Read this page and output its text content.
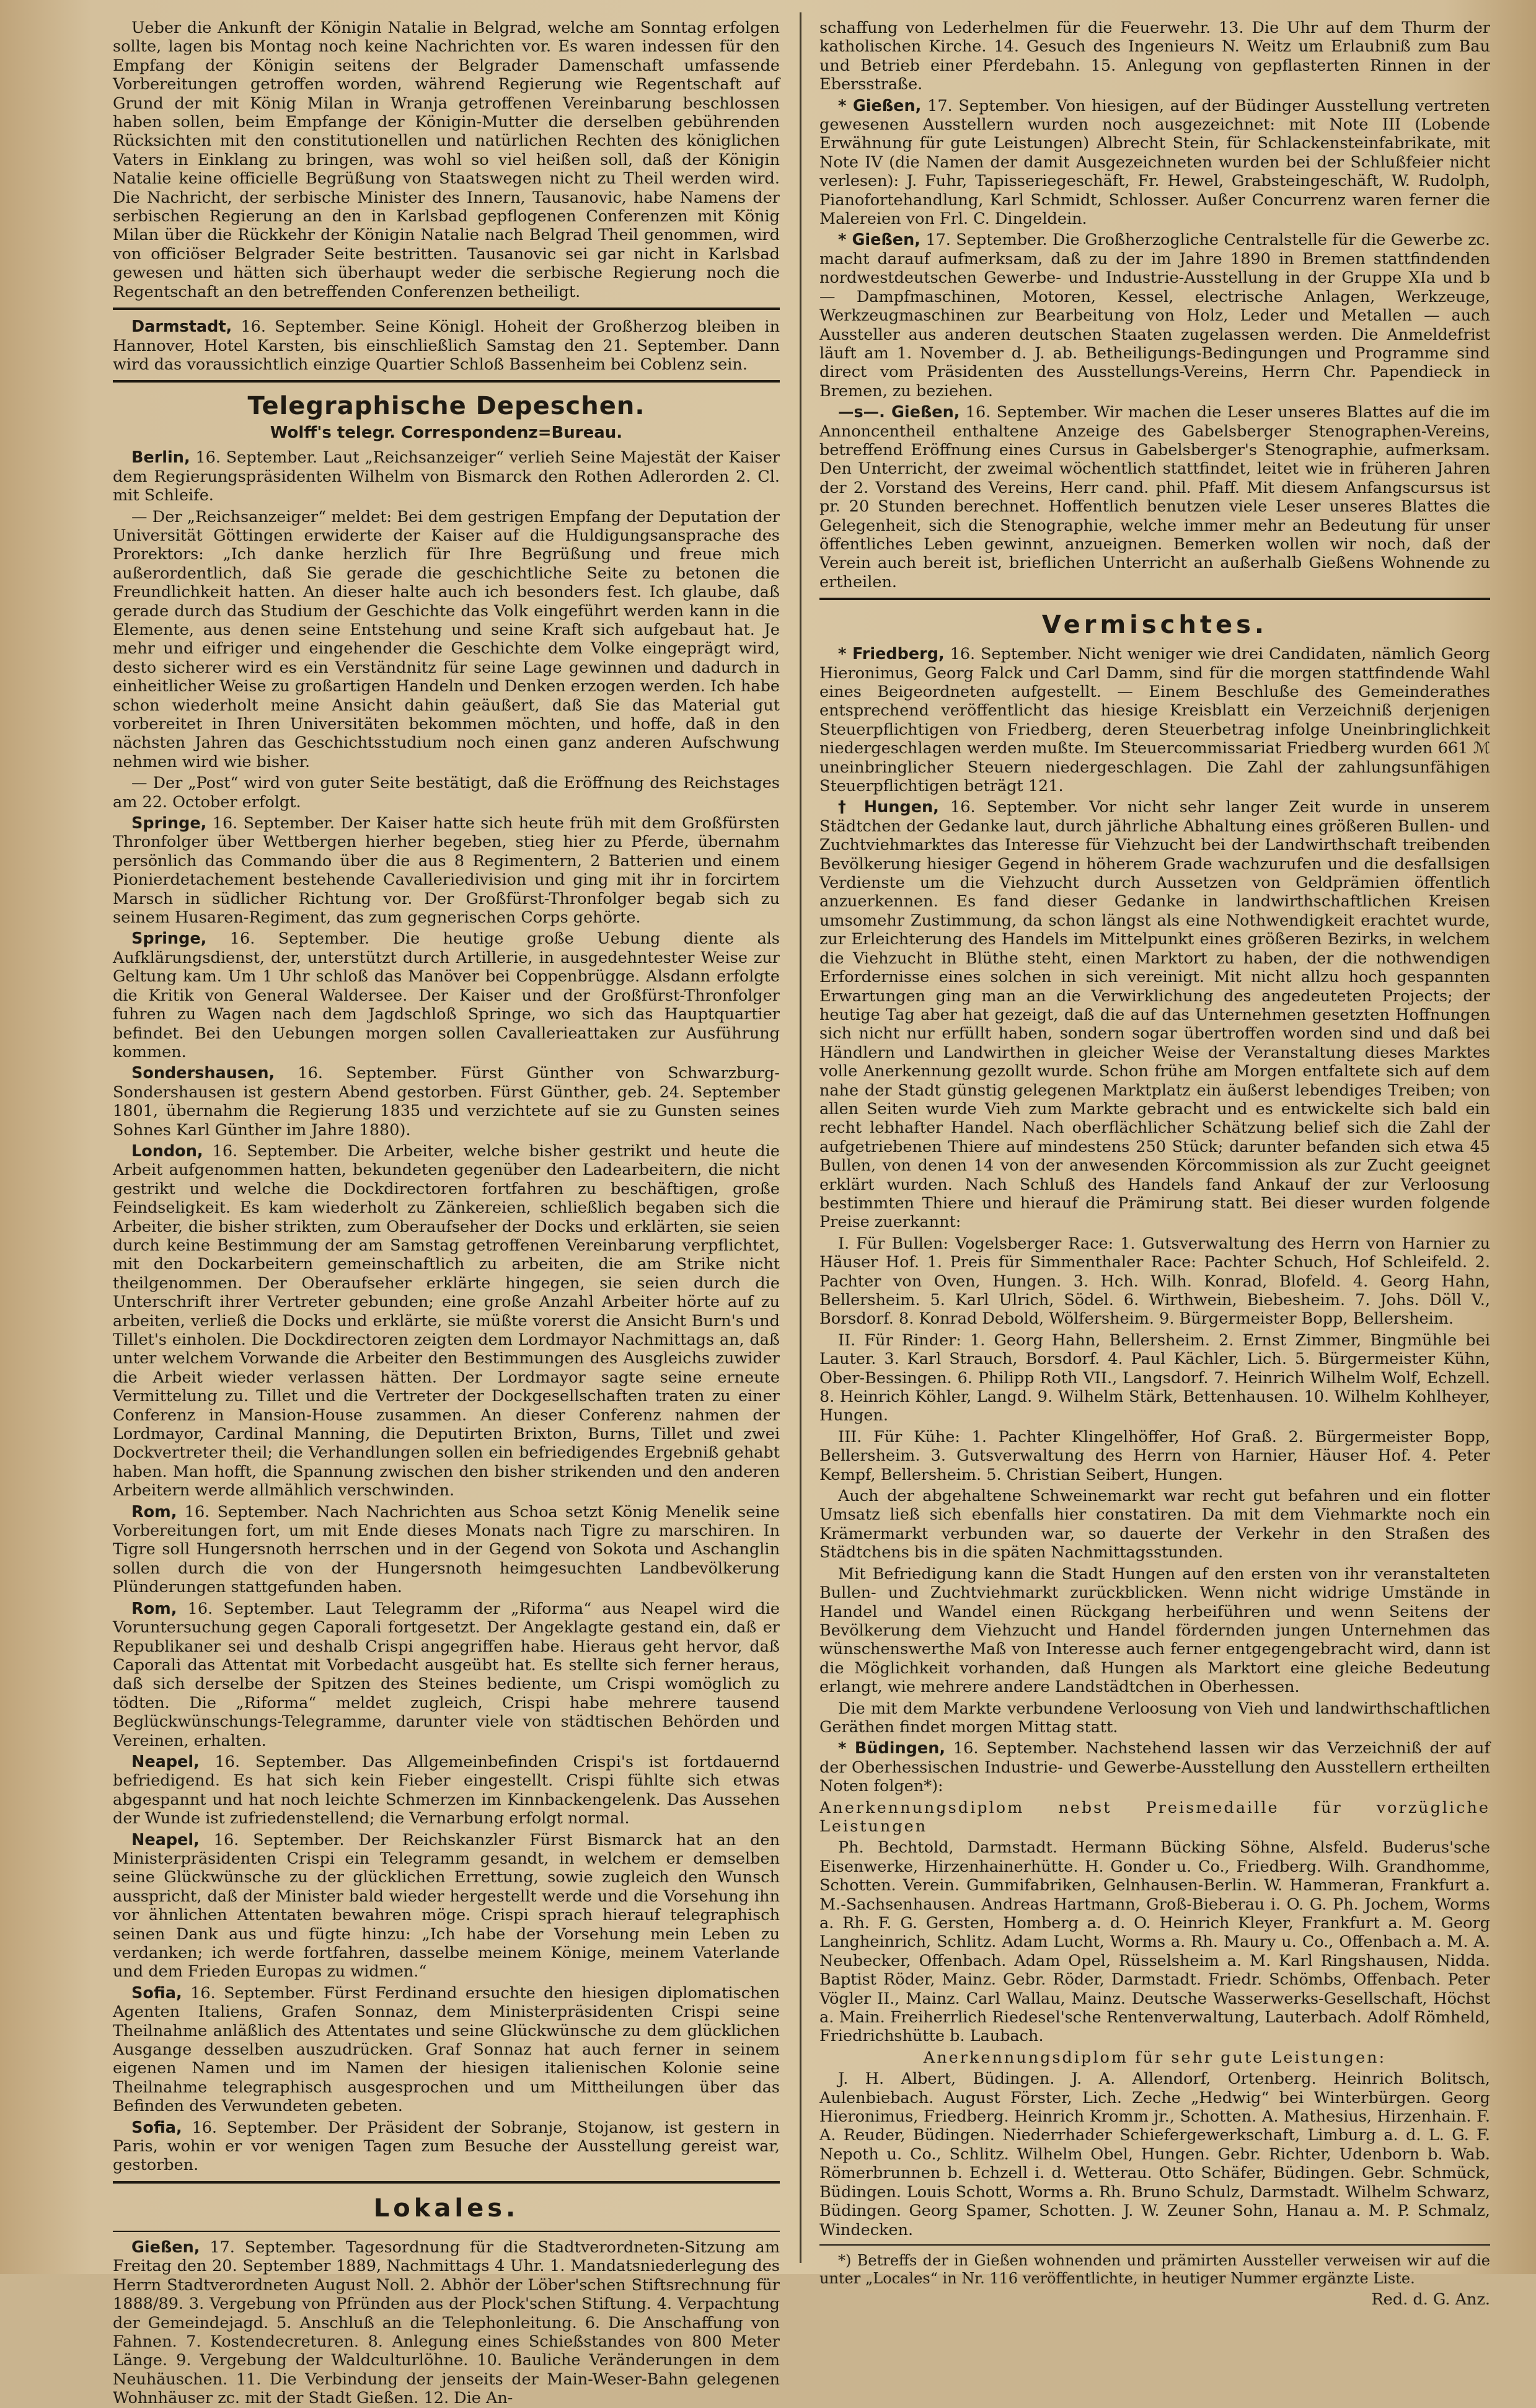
Ueber die Ankunft der Königin Natalie in Belgrad, welche am Sonntag erfolgen sollte, lagen bis Montag noch keine Nachrichten vor. Es waren indessen für den Empfang der Königin seitens der Belgrader Damenschaft umfassende Vorbereitungen getroffen worden, während Regierung wie Regentschaft auf Grund der mit König Milan in Wranja getroffenen Vereinbarung beschlossen haben sollen, beim Empfange der Königin-Mutter die derselben gebührenden Rücksichten mit den constitutionellen und natürlichen Rechten des königlichen Vaters in Einklang zu bringen, was wohl so viel heißen soll, daß der Königin Natalie keine officielle Begrüßung von Staatswegen nicht zu Theil werden wird. Die Nachricht, der serbische Minister des Innern, Tausanovic, habe Namens der serbischen Regierung an den in Karlsbad gepflogenen Conferenzen mit König Milan über die Rückkehr der Königin Natalie nach Belgrad Theil genommen, wird von officiöser Belgrader Seite bestritten. Tausanovic sei gar nicht in Karlsbad gewesen und hätten sich überhaupt weder die serbische Regierung noch die Regentschaft an den betreffenden Conferenzen betheiligt.

Darmstadt, 16. September. Seine Königl. Hoheit der Großherzog bleiben in Hannover, Hotel Karsten, bis einschließlich Samstag den 21. September. Dann wird das voraussichtlich einzige Quartier Schloß Bassenheim bei Coblenz sein.

Telegraphische Depeschen.
Wolff's telegr. Correspondenz=Bureau.

Berlin, 16. September. Laut „Reichsanzeiger“ verlieh Seine Majestät der Kaiser dem Regierungspräsidenten Wilhelm von Bismarck den Rothen Adlerorden 2. Cl. mit Schleife.

— Der „Reichsanzeiger“ meldet: Bei dem gestrigen Empfang der Deputation der Universität Göttingen erwiderte der Kaiser auf die Huldigungsansprache des Prorektors: „Ich danke herzlich für Ihre Begrüßung und freue mich außerordentlich, daß Sie gerade die geschichtliche Seite zu betonen die Freundlichkeit hatten. An dieser halte auch ich besonders fest. Ich glaube, daß gerade durch das Studium der Geschichte das Volk eingeführt werden kann in die Elemente, aus denen seine Entstehung und seine Kraft sich aufgebaut hat. Je mehr und eifriger und eingehender die Geschichte dem Volke eingeprägt wird, desto sicherer wird es ein Verständnitz für seine Lage gewinnen und dadurch in einheitlicher Weise zu großartigen Handeln und Denken erzogen werden. Ich habe schon wiederholt meine Ansicht dahin geäußert, daß Sie das Material gut vorbereitet in Ihren Universitäten bekommen möchten, und hoffe, daß in den nächsten Jahren das Geschichtsstudium noch einen ganz anderen Aufschwung nehmen wird wie bisher.

— Der „Post“ wird von guter Seite bestätigt, daß die Eröffnung des Reichstages am 22. October erfolgt.

Springe, 16. September. Der Kaiser hatte sich heute früh mit dem Großfürsten Thronfolger über Wettbergen hierher begeben, stieg hier zu Pferde, übernahm persönlich das Commando über die aus 8 Regimentern, 2 Batterien und einem Pionierdetachement bestehende Cavalleriedivision und ging mit ihr in forcirtem Marsch in südlicher Richtung vor. Der Großfürst-Thronfolger begab sich zu seinem Husaren-Regiment, das zum gegnerischen Corps gehörte.

Springe, 16. September. Die heutige große Uebung diente als Aufklärungsdienst, der, unterstützt durch Artillerie, in ausgedehntester Weise zur Geltung kam. Um 1 Uhr schloß das Manöver bei Coppenbrügge. Alsdann erfolgte die Kritik von General Waldersee. Der Kaiser und der Großfürst-Thronfolger fuhren zu Wagen nach dem Jagdschloß Springe, wo sich das Hauptquartier befindet. Bei den Uebungen morgen sollen Cavallerieattaken zur Ausführung kommen.

Sondershausen, 16. September. Fürst Günther von Schwarzburg-Sondershausen ist gestern Abend gestorben. Fürst Günther, geb. 24. September 1801, übernahm die Regierung 1835 und verzichtete auf sie zu Gunsten seines Sohnes Karl Günther im Jahre 1880).

London, 16. September. Die Arbeiter, welche bisher gestrikt und heute die Arbeit aufgenommen hatten, bekundeten gegenüber den Ladearbeitern, die nicht gestrikt und welche die Dockdirectoren fortfahren zu beschäftigen, große Feindseligkeit. Es kam wiederholt zu Zänkereien, schließlich begaben sich die Arbeiter, die bisher strikten, zum Oberaufseher der Docks und erklärten, sie seien durch keine Bestimmung der am Samstag getroffenen Vereinbarung verpflichtet, mit den Dockarbeitern gemeinschaftlich zu arbeiten, die am Strike nicht theilgenommen. Der Oberaufseher erklärte hingegen, sie seien durch die Unterschrift ihrer Vertreter gebunden; eine große Anzahl Arbeiter hörte auf zu arbeiten, verließ die Docks und erklärte, sie müßte vorerst die Ansicht Burn's und Tillet's einholen. Die Dockdirectoren zeigten dem Lordmayor Nachmittags an, daß unter welchem Vorwande die Arbeiter den Bestimmungen des Ausgleichs zuwider die Arbeit wieder verlassen hätten. Der Lordmayor sagte seine erneute Vermittelung zu. Tillet und die Vertreter der Dockgesellschaften traten zu einer Conferenz in Mansion-House zusammen. An dieser Conferenz nahmen der Lordmayor, Cardinal Manning, die Deputirten Brixton, Burns, Tillet und zwei Dockvertreter theil; die Verhandlungen sollen ein befriedigendes Ergebniß gehabt haben. Man hofft, die Spannung zwischen den bisher strikenden und den anderen Arbeitern werde allmählich verschwinden.

Rom, 16. September. Nach Nachrichten aus Schoa setzt König Menelik seine Vorbereitungen fort, um mit Ende dieses Monats nach Tigre zu marschiren. In Tigre soll Hungersnoth herrschen und in der Gegend von Sokota und Aschanglin sollen durch die von der Hungersnoth heimgesuchten Landbevölkerung Plünderungen stattgefunden haben.

Rom, 16. September. Laut Telegramm der „Riforma“ aus Neapel wird die Voruntersuchung gegen Caporali fortgesetzt. Der Angeklagte gestand ein, daß er Republikaner sei und deshalb Crispi angegriffen habe. Hieraus geht hervor, daß Caporali das Attentat mit Vorbedacht ausgeübt hat. Es stellte sich ferner heraus, daß sich derselbe der Spitzen des Steines bediente, um Crispi womöglich zu tödten. Die „Riforma“ meldet zugleich, Crispi habe mehrere tausend Beglückwünschungs-Telegramme, darunter viele von städtischen Behörden und Vereinen, erhalten.

Neapel, 16. September. Das Allgemeinbefinden Crispi's ist fortdauernd befriedigend. Es hat sich kein Fieber eingestellt. Crispi fühlte sich etwas abgespannt und hat noch leichte Schmerzen im Kinnbackengelenk. Das Aussehen der Wunde ist zufriedenstellend; die Vernarbung erfolgt normal.

Neapel, 16. September. Der Reichskanzler Fürst Bismarck hat an den Ministerpräsidenten Crispi ein Telegramm gesandt, in welchem er demselben seine Glückwünsche zu der glücklichen Errettung, sowie zugleich den Wunsch ausspricht, daß der Minister bald wieder hergestellt werde und die Vorsehung ihn vor ähnlichen Attentaten bewahren möge. Crispi sprach hierauf telegraphisch seinen Dank aus und fügte hinzu: „Ich habe der Vorsehung mein Leben zu verdanken; ich werde fortfahren, dasselbe meinem Könige, meinem Vaterlande und dem Frieden Europas zu widmen.“

Sofia, 16. September. Fürst Ferdinand ersuchte den hiesigen diplomatischen Agenten Italiens, Grafen Sonnaz, dem Ministerpräsidenten Crispi seine Theilnahme anläßlich des Attentates und seine Glückwünsche zu dem glücklichen Ausgange desselben auszudrücken. Graf Sonnaz hat auch ferner in seinem eigenen Namen und im Namen der hiesigen italienischen Kolonie seine Theilnahme telegraphisch ausgesprochen und um Mittheilungen über das Befinden des Verwundeten gebeten.

Sofia, 16. September. Der Präsident der Sobranje, Stojanow, ist gestern in Paris, wohin er vor wenigen Tagen zum Besuche der Ausstellung gereist war, gestorben.

Lokales.

Gießen, 17. September. Tagesordnung für die Stadtverordneten-Sitzung am Freitag den 20. September 1889, Nachmittags 4 Uhr. 1. Mandatsniederlegung des Herrn Stadtverordneten August Noll. 2. Abhör der Löber'schen Stiftsrechnung für 1888/89. 3. Vergebung von Pfründen aus der Plock'schen Stiftung. 4. Verpachtung der Gemeindejagd. 5. Anschluß an die Telephonleitung. 6. Die Anschaffung von Fahnen. 7. Kostendecreturen. 8. Anlegung eines Schießstandes von 800 Meter Länge. 9. Vergebung der Waldculturlöhne. 10. Bauliche Veränderungen in dem Neuhäuschen. 11. Die Verbindung der jenseits der Main-Weser-Bahn gelegenen Wohnhäuser zc. mit der Stadt Gießen. 12. Die An-

schaffung von Lederhelmen für die Feuerwehr. 13. Die Uhr auf dem Thurm der katholischen Kirche. 14. Gesuch des Ingenieurs N. Weitz um Erlaubniß zum Bau und Betrieb einer Pferdebahn. 15. Anlegung von gepflasterten Rinnen in der Ebersstraße.

* Gießen, 17. September. Von hiesigen, auf der Büdinger Ausstellung vertreten gewesenen Ausstellern wurden noch ausgezeichnet: mit Note III (Lobende Erwähnung für gute Leistungen) Albrecht Stein, für Schlackensteinfabrikate, mit Note IV (die Namen der damit Ausgezeichneten wurden bei der Schlußfeier nicht verlesen): J. Fuhr, Tapisseriegeschäft, Fr. Hewel, Grabsteingeschäft, W. Rudolph, Pianofortehandlung, Karl Schmidt, Schlosser. Außer Concurrenz waren ferner die Malereien von Frl. C. Dingeldein.

* Gießen, 17. September. Die Großherzogliche Centralstelle für die Gewerbe zc. macht darauf aufmerksam, daß zu der im Jahre 1890 in Bremen stattfindenden nordwestdeutschen Gewerbe- und Industrie-Ausstellung in der Gruppe XIa und b — Dampfmaschinen, Motoren, Kessel, electrische Anlagen, Werkzeuge, Werkzeugmaschinen zur Bearbeitung von Holz, Leder und Metallen — auch Aussteller aus anderen deutschen Staaten zugelassen werden. Die Anmeldefrist läuft am 1. November d. J. ab. Betheiligungs-Bedingungen und Programme sind direct vom Präsidenten des Ausstellungs-Vereins, Herrn Chr. Papendieck in Bremen, zu beziehen.

—s—. Gießen, 16. September. Wir machen die Leser unseres Blattes auf die im Annoncentheil enthaltene Anzeige des Gabelsberger Stenographen-Vereins, betreffend Eröffnung eines Cursus in Gabelsberger's Stenographie, aufmerksam. Den Unterricht, der zweimal wöchentlich stattfindet, leitet wie in früheren Jahren der 2. Vorstand des Vereins, Herr cand. phil. Pfaff. Mit diesem Anfangscursus ist pr. 20 Stunden berechnet. Hoffentlich benutzen viele Leser unseres Blattes die Gelegenheit, sich die Stenographie, welche immer mehr an Bedeutung für unser öffentliches Leben gewinnt, anzueignen. Bemerken wollen wir noch, daß der Verein auch bereit ist, brieflichen Unterricht an außerhalb Gießens Wohnende zu ertheilen.

Vermischtes.

* Friedberg, 16. September. Nicht weniger wie drei Candidaten, nämlich Georg Hieronimus, Georg Falck und Carl Damm, sind für die morgen stattfindende Wahl eines Beigeordneten aufgestellt. — Einem Beschluße des Gemeinderathes entsprechend veröffentlicht das hiesige Kreisblatt ein Verzeichniß derjenigen Steuerpflichtigen von Friedberg, deren Steuerbetrag infolge Uneinbringlichkeit niedergeschlagen werden mußte. Im Steuercommissariat Friedberg wurden 661 ℳ uneinbringlicher Steuern niedergeschlagen. Die Zahl der zahlungsunfähigen Steuerpflichtigen beträgt 121.

† Hungen, 16. September. Vor nicht sehr langer Zeit wurde in unserem Städtchen der Gedanke laut, durch jährliche Abhaltung eines größeren Bullen- und Zuchtviehmarktes das Interesse für Viehzucht bei der Landwirthschaft treibenden Bevölkerung hiesiger Gegend in höherem Grade wachzurufen und die desfallsigen Verdienste um die Viehzucht durch Aussetzen von Geldprämien öffentlich anzuerkennen. Es fand dieser Gedanke in landwirthschaftlichen Kreisen umsomehr Zustimmung, da schon längst als eine Nothwendigkeit erachtet wurde, zur Erleichterung des Handels im Mittelpunkt eines größeren Bezirks, in welchem die Viehzucht in Blüthe steht, einen Marktort zu haben, der die nothwendigen Erfordernisse eines solchen in sich vereinigt. Mit nicht allzu hoch gespannten Erwartungen ging man an die Verwirklichung des angedeuteten Projects; der heutige Tag aber hat gezeigt, daß die auf das Unternehmen gesetzten Hoffnungen sich nicht nur erfüllt haben, sondern sogar übertroffen worden sind und daß bei Händlern und Landwirthen in gleicher Weise der Veranstaltung dieses Marktes volle Anerkennung gezollt wurde. Schon frühe am Morgen entfaltete sich auf dem nahe der Stadt günstig gelegenen Marktplatz ein äußerst lebendiges Treiben; von allen Seiten wurde Vieh zum Markte gebracht und es entwickelte sich bald ein recht lebhafter Handel. Nach oberflächlicher Schätzung belief sich die Zahl der aufgetriebenen Thiere auf mindestens 250 Stück; darunter befanden sich etwa 45 Bullen, von denen 14 von der anwesenden Körcommission als zur Zucht geeignet erklärt wurden. Nach Schluß des Handels fand Ankauf der zur Verloosung bestimmten Thiere und hierauf die Prämirung statt. Bei dieser wurden folgende Preise zuerkannt:

I. Für Bullen: Vogelsberger Race: 1. Gutsverwaltung des Herrn von Harnier zu Häuser Hof. 1. Preis für Simmenthaler Race: Pachter Schuch, Hof Schleifeld. 2. Pachter von Oven, Hungen. 3. Hch. Wilh. Konrad, Blofeld. 4. Georg Hahn, Bellersheim. 5. Karl Ulrich, Södel. 6. Wirthwein, Biebesheim. 7. Johs. Döll V., Borsdorf. 8. Konrad Debold, Wölfersheim. 9. Bürgermeister Bopp, Bellersheim.

II. Für Rinder: 1. Georg Hahn, Bellersheim. 2. Ernst Zimmer, Bingmühle bei Lauter. 3. Karl Strauch, Borsdorf. 4. Paul Kächler, Lich. 5. Bürgermeister Kühn, Ober-Bessingen. 6. Philipp Roth VII., Langsdorf. 7. Heinrich Wilhelm Wolf, Echzell. 8. Heinrich Köhler, Langd. 9. Wilhelm Stärk, Bettenhausen. 10. Wilhelm Kohlheyer, Hungen.

III. Für Kühe: 1. Pachter Klingelhöffer, Hof Graß. 2. Bürgermeister Bopp, Bellersheim. 3. Gutsverwaltung des Herrn von Harnier, Häuser Hof. 4. Peter Kempf, Bellersheim. 5. Christian Seibert, Hungen.

Auch der abgehaltene Schweinemarkt war recht gut befahren und ein flotter Umsatz ließ sich ebenfalls hier constatiren. Da mit dem Viehmarkte noch ein Krämermarkt verbunden war, so dauerte der Verkehr in den Straßen des Städtchens bis in die späten Nachmittagsstunden.

Mit Befriedigung kann die Stadt Hungen auf den ersten von ihr veranstalteten Bullen- und Zuchtviehmarkt zurückblicken. Wenn nicht widrige Umstände in Handel und Wandel einen Rückgang herbeiführen und wenn Seitens der Bevölkerung dem Viehzucht und Handel fördernden jungen Unternehmen das wünschenswerthe Maß von Interesse auch ferner entgegengebracht wird, dann ist die Möglichkeit vorhanden, daß Hungen als Marktort eine gleiche Bedeutung erlangt, wie mehrere andere Landstädtchen in Oberhessen.

Die mit dem Markte verbundene Verloosung von Vieh und landwirthschaftlichen Geräthen findet morgen Mittag statt.

* Büdingen, 16. September. Nachstehend lassen wir das Verzeichniß der auf der Oberhessischen Industrie- und Gewerbe-Ausstellung den Ausstellern ertheilten Noten folgen*):

Anerkennungsdiplom nebst Preismedaille für vorzügliche Leistungen

Ph. Bechtold, Darmstadt. Hermann Bücking Söhne, Alsfeld. Buderus'sche Eisenwerke, Hirzenhainerhütte. H. Gonder u. Co., Friedberg. Wilh. Grandhomme, Schotten. Verein. Gummifabriken, Gelnhausen-Berlin. W. Hammeran, Frankfurt a. M.-Sachsenhausen. Andreas Hartmann, Groß-Bieberau i. O. G. Ph. Jochem, Worms a. Rh. F. G. Gersten, Homberg a. d. O. Heinrich Kleyer, Frankfurt a. M. Georg Langheinrich, Schlitz. Adam Lucht, Worms a. Rh. Maury u. Co., Offenbach a. M. A. Neubecker, Offenbach. Adam Opel, Rüsselsheim a. M. Karl Ringshausen, Nidda. Baptist Röder, Mainz. Gebr. Röder, Darmstadt. Friedr. Schömbs, Offenbach. Peter Vögler II., Mainz. Carl Wallau, Mainz. Deutsche Wasserwerks-Gesellschaft, Höchst a. Main. Freiherrlich Riedesel'sche Rentenverwaltung, Lauterbach. Adolf Römheld, Friedrichshütte b. Laubach.

Anerkennungsdiplom für sehr gute Leistungen:

J. H. Albert, Büdingen. J. A. Allendorf, Ortenberg. Heinrich Bolitsch, Aulenbiebach. August Förster, Lich. Zeche „Hedwig“ bei Winterbürgen. Georg Hieronimus, Friedberg. Heinrich Kromm jr., Schotten. A. Mathesius, Hirzenhain. F. A. Reuder, Büdingen. Niederrhader Schiefergewerkschaft, Limburg a. d. L. G. F. Nepoth u. Co., Schlitz. Wilhelm Obel, Hungen. Gebr. Richter, Udenborn b. Wab. Römerbrunnen b. Echzell i. d. Wetterau. Otto Schäfer, Büdingen. Gebr. Schmück, Büdingen. Louis Schott, Worms a. Rh. Bruno Schulz, Darmstadt. Wilhelm Schwarz, Büdingen. Georg Spamer, Schotten. J. W. Zeuner Sohn, Hanau a. M. P. Schmalz, Windecken.

*) Betreffs der in Gießen wohnenden und prämirten Aussteller verweisen wir auf die unter „Locales“ in Nr. 116 veröffentlichte, in heutiger Nummer ergänzte Liste.

Red. d. G. Anz.
